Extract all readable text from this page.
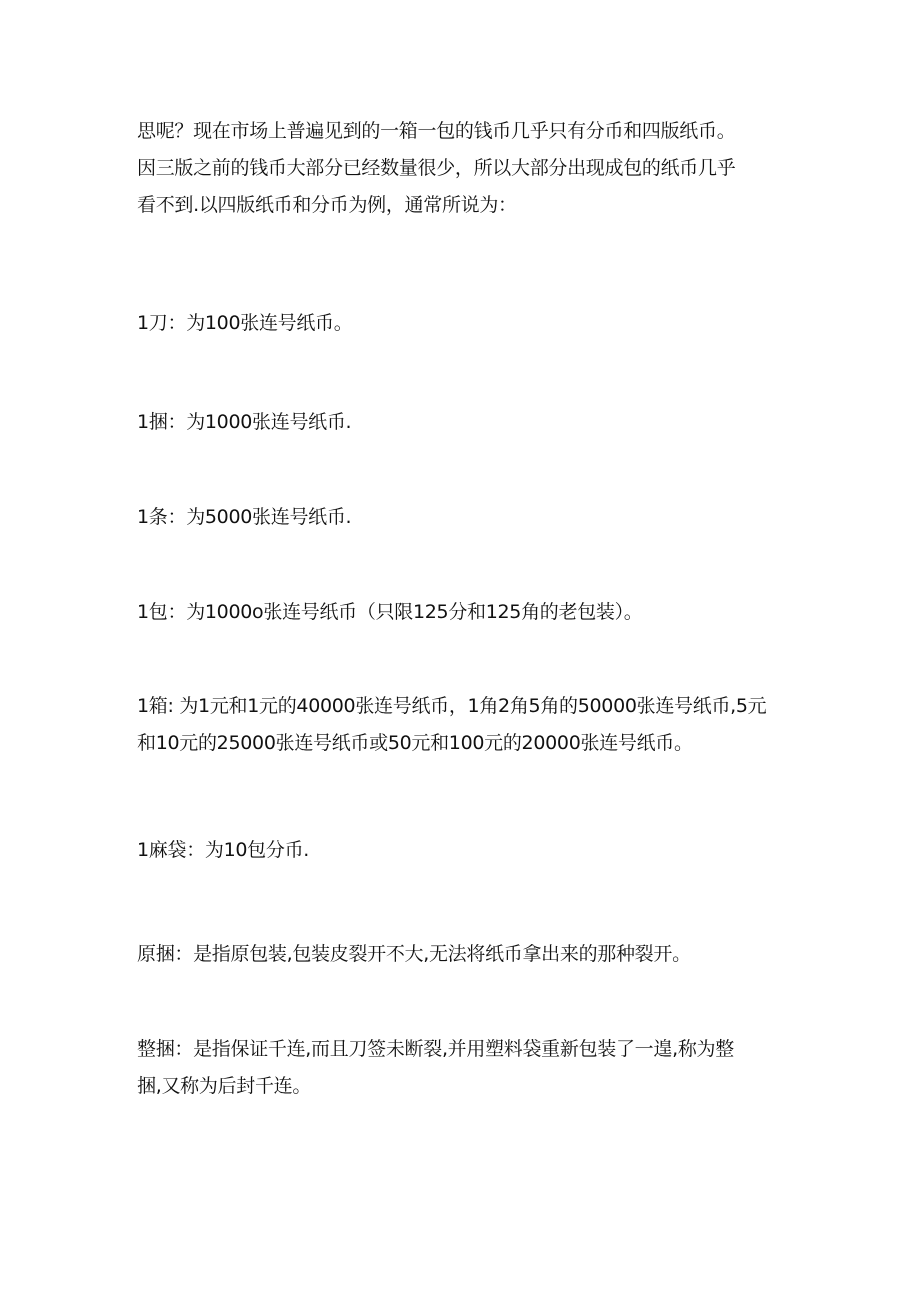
思呢？现在市场上普遍见到的一箱一包的钱币几乎只有分币和四版纸币。
因三版之前的钱币大部分已经数量很少，所以大部分出现成包的纸币几乎
看不到.以四版纸币和分币为例，通常所说为：

1刀：为100张连号纸币。

1捆：为1000张连号纸币.

1条：为5000张连号纸币.

1包：为1000o张连号纸币（只限125分和125角的老包装）。

1箱: 为1元和1元的40000张连号纸币，1角2角5角的50000张连号纸币,5元
和10元的25000张连号纸币或50元和100元的20000张连号纸币。

1麻袋：为10包分币.

原捆：是指原包装,包装皮裂开不大,无法将纸币拿出来的那种裂开。

整捆：是指保证千连,而且刀签未断裂,并用塑料袋重新包装了一遑,称为整
捆,又称为后封千连。
